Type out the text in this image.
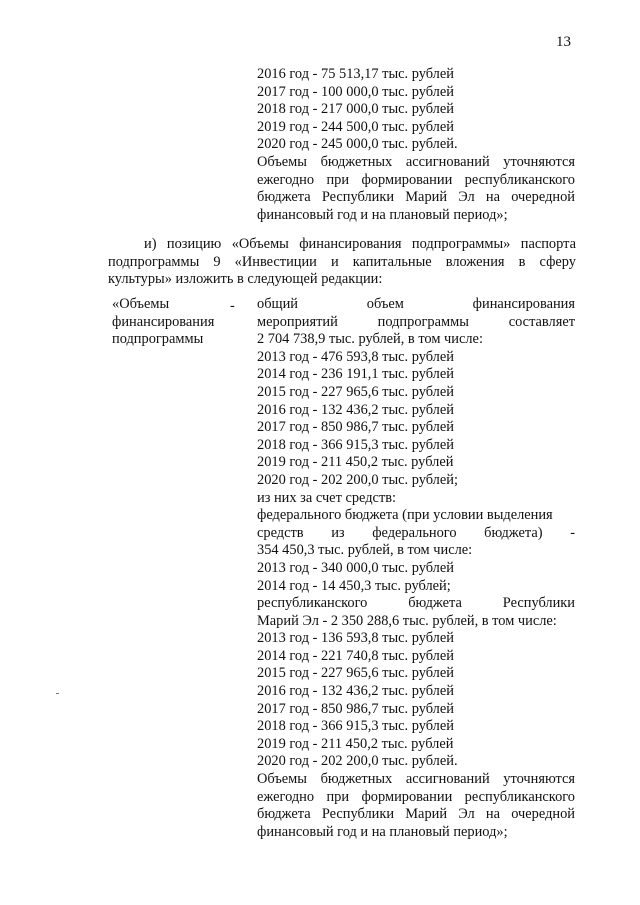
13
2016 год - 75 513,17 тыс. рублей
2017 год - 100 000,0 тыс. рублей
2018 год - 217 000,0 тыс. рублей
2019 год - 244 500,0 тыс. рублей
2020 год - 245 000,0 тыс. рублей.
Объемы бюджетных ассигнований уточняются
ежегодно при формировании республиканского
бюджета Республики Марий Эл на очередной
финансовый год и на плановый период»;
и) позицию «Объемы финансирования подпрограммы» паспорта
подпрограммы 9 «Инвестиции и капитальные вложения в сферу
культуры» изложить в следующей редакции:
«Объемы
финансирования
подпрограммы
- общий объем финансирования
мероприятий подпрограммы составляет
2 704 738,9 тыс. рублей, в том числе:
2013 год - 476 593,8 тыс. рублей
2014 год - 236 191,1 тыс. рублей
2015 год - 227 965,6 тыс. рублей
2016 год - 132 436,2 тыс. рублей
2017 год - 850 986,7 тыс. рублей
2018 год - 366 915,3 тыс. рублей
2019 год - 211 450,2 тыс. рублей
2020 год - 202 200,0 тыс. рублей;
из них за счет средств:
федерального бюджета (при условии выделения
средств из федерального бюджета) -
354 450,3 тыс. рублей, в том числе:
2013 год - 340 000,0 тыс. рублей
2014 год - 14 450,3 тыс. рублей;
республиканского бюджета Республики
Марий Эл - 2 350 288,6 тыс. рублей, в том числе:
2013 год - 136 593,8 тыс. рублей
2014 год - 221 740,8 тыс. рублей
2015 год - 227 965,6 тыс. рублей
2016 год - 132 436,2 тыс. рублей
2017 год - 850 986,7 тыс. рублей
2018 год - 366 915,3 тыс. рублей
2019 год - 211 450,2 тыс. рублей
2020 год - 202 200,0 тыс. рублей.
Объемы бюджетных ассигнований уточняются
ежегодно при формировании республиканского
бюджета Республики Марий Эл на очередной
финансовый год и на плановый период»;
